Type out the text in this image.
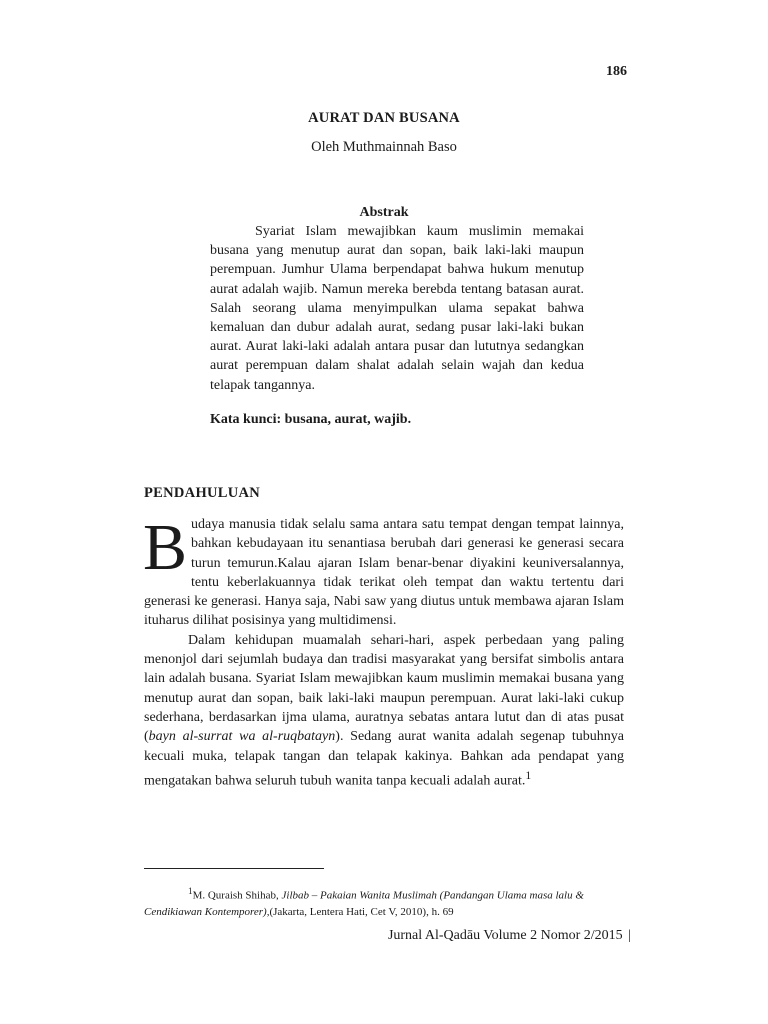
186
AURAT DAN BUSANA
Oleh Muthmainnah Baso
Abstrak

Syariat Islam mewajibkan kaum muslimin memakai busana yang menutup aurat dan sopan, baik laki-laki maupun perempuan. Jumhur Ulama berpendapat bahwa hukum menutup aurat adalah wajib. Namun mereka berebda tentang batasan aurat. Salah seorang ulama menyimpulkan ulama sepakat bahwa kemaluan dan dubur adalah aurat, sedang pusar laki-laki bukan aurat. Aurat laki-laki adalah antara pusar dan lututnya sedangkan aurat perempuan dalam shalat adalah selain wajah dan kedua telapak tangannya.

Kata kunci: busana, aurat, wajib.
PENDAHULUAN

Budaya manusia tidak selalu sama antara satu tempat dengan tempat lainnya, bahkan kebudayaan itu senantiasa berubah dari generasi ke generasi secara turun temurun.Kalau ajaran Islam benar-benar diyakini keuniversalannya, tentu keberlakuannya tidak terikat oleh tempat dan waktu tertentu dari generasi ke generasi. Hanya saja, Nabi saw yang diutus untuk membawa ajaran Islam ituharus dilihat posisinya yang multidimensi.

Dalam kehidupan muamalah sehari-hari, aspek perbedaan yang paling menonjol dari sejumlah budaya dan tradisi masyarakat yang bersifat simbolis antara lain adalah busana. Syariat Islam mewajibkan kaum muslimin memakai busana yang menutup aurat dan sopan, baik laki-laki maupun perempuan. Aurat laki-laki cukup sederhana, berdasarkan ijma ulama, auratnya sebatas antara lutut dan di atas pusat (bayn al-surrat wa al-ruqbatayn). Sedang aurat wanita adalah segenap tubuhnya kecuali muka, telapak tangan dan telapak kakinya. Bahkan ada pendapat yang mengatakan bahwa seluruh tubuh wanita tanpa kecuali adalah aurat.$^1$

$^1$M. Quraish Shihab, Jilbab – Pakaian Wanita Muslimah (Pandangan Ulama masa lalu & Cendikiawan Kontemporer),(Jakarta, Lentera Hati, Cet V, 2010), h. 69

Jurnal Al-Qadāu Volume 2 Nomor 2/2015 |
